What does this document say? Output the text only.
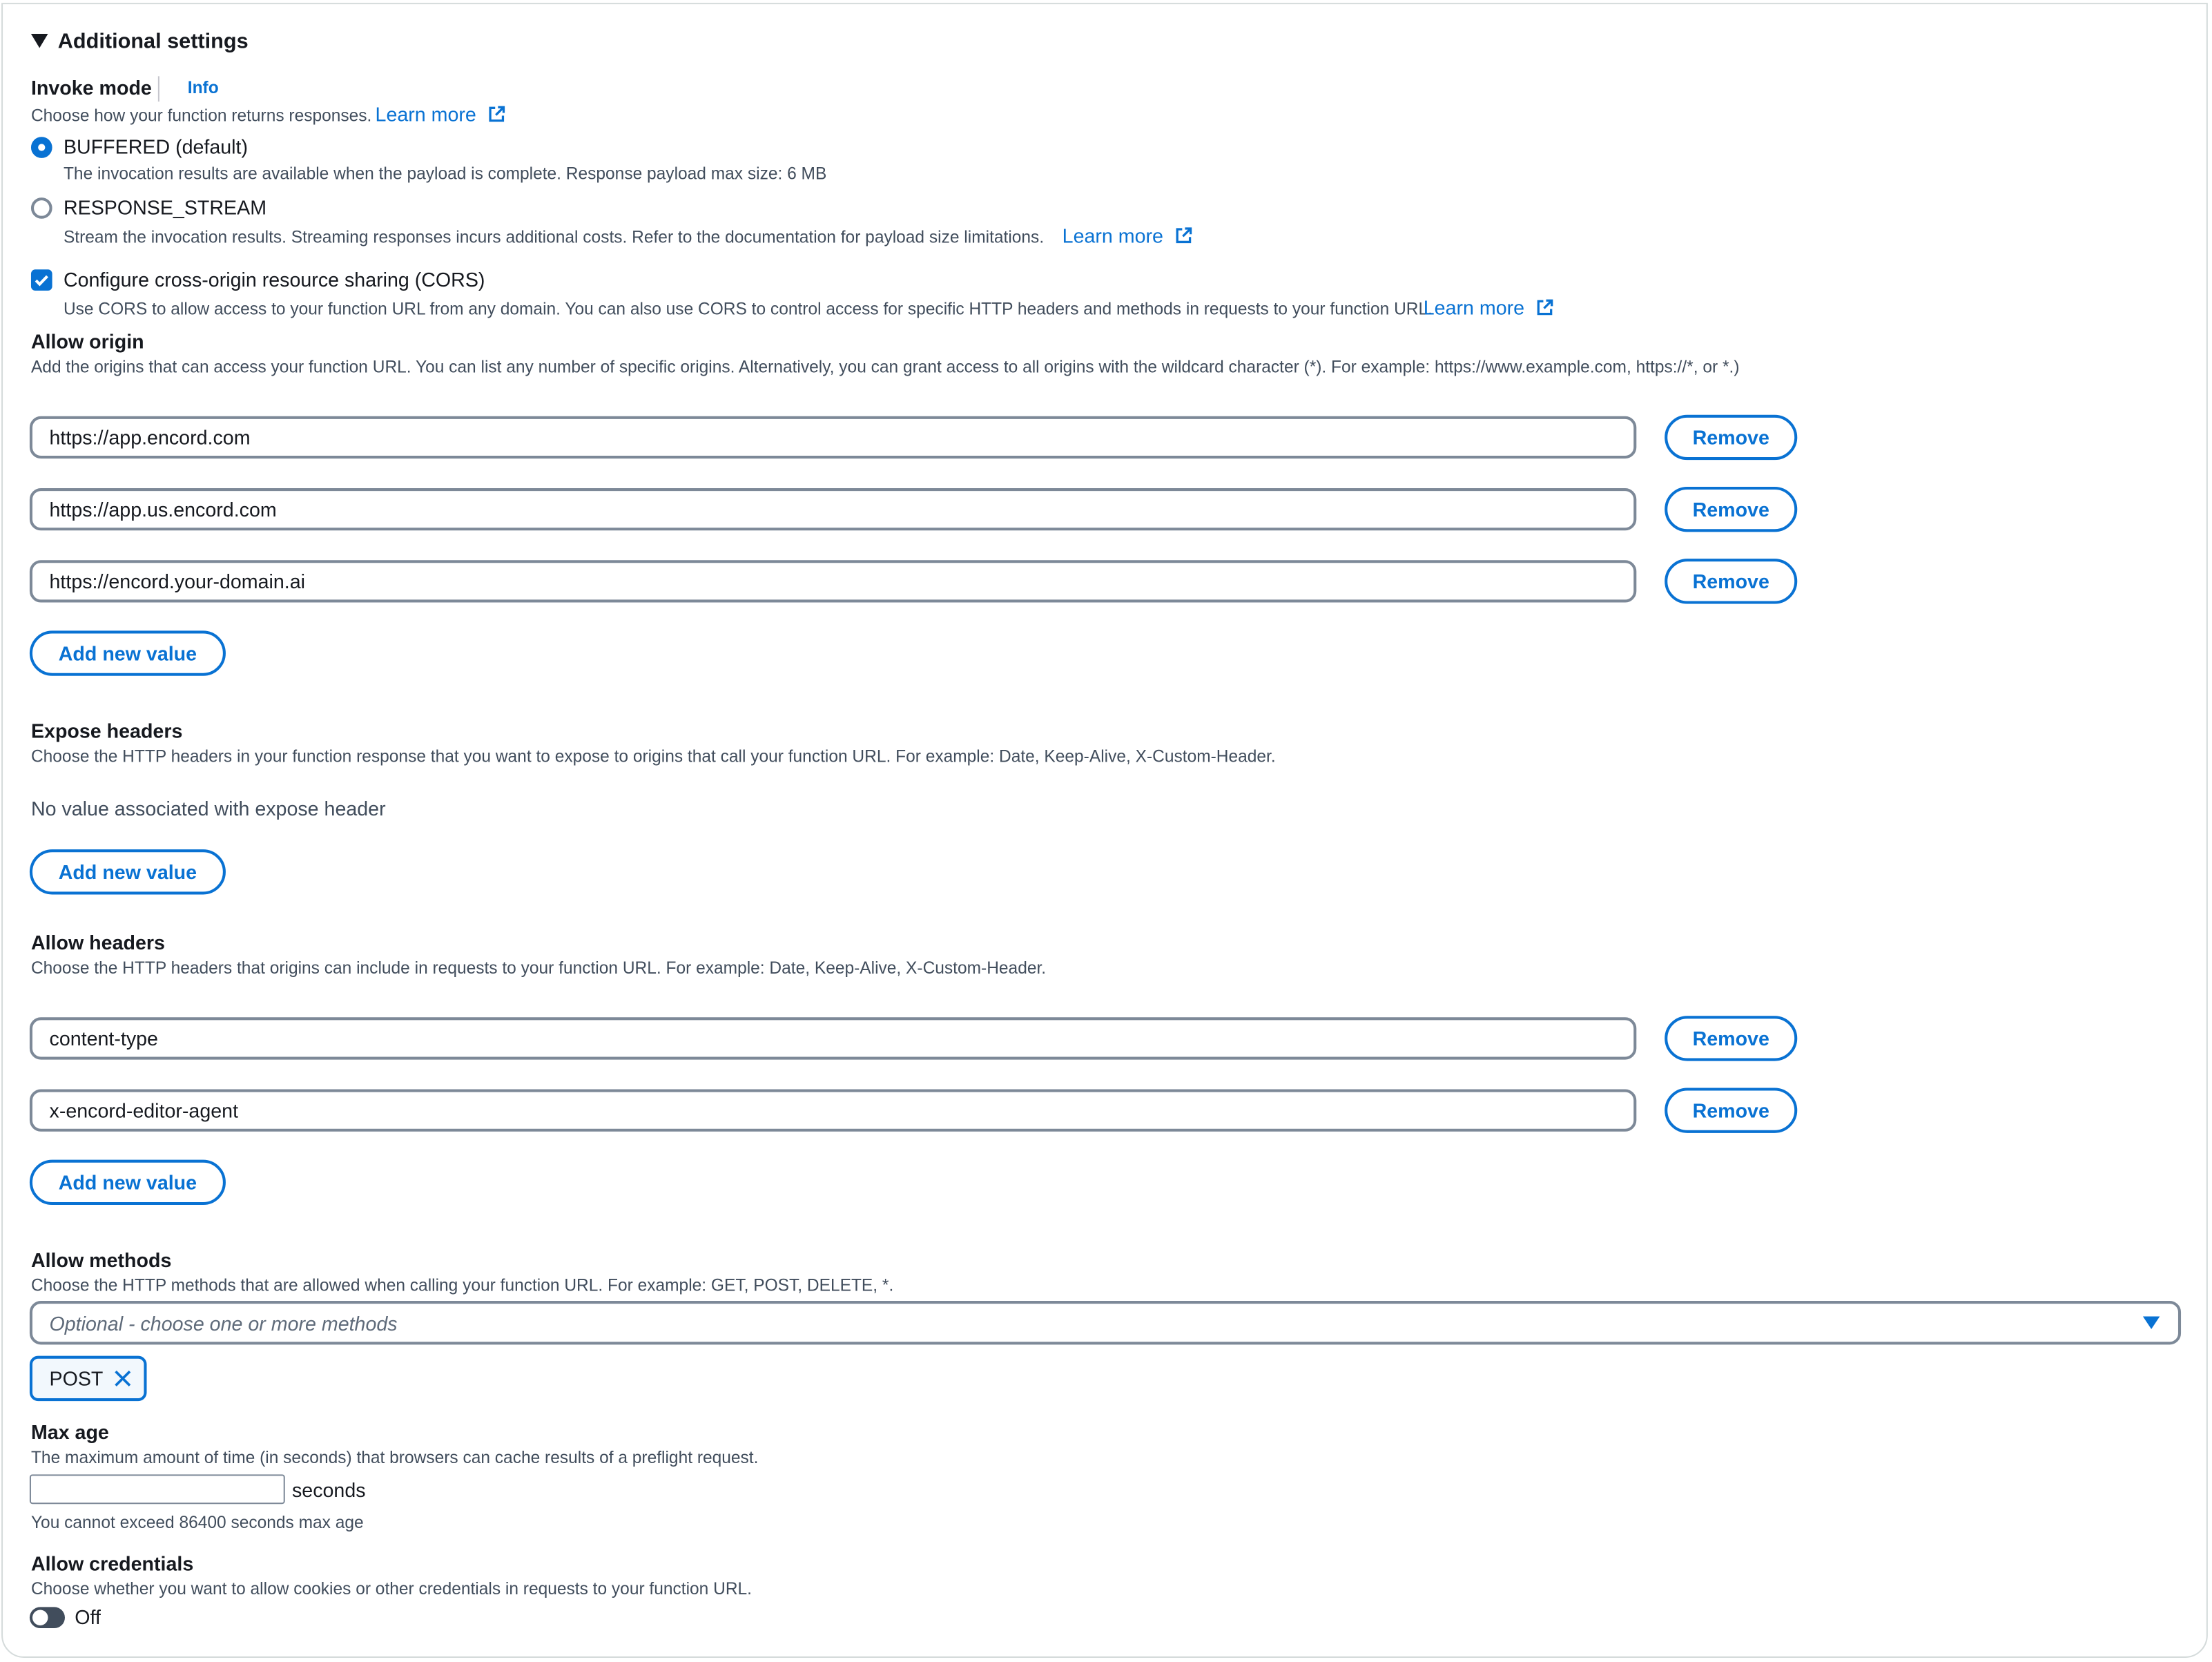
Additional settings
Invoke mode	Info
Choose how your function returns responses. Learn more
BUFFERED (default)
The invocation results are available when the payload is complete. Response payload max size: 6 MB
RESPONSE_STREAM
Stream the invocation results. Streaming responses incurs additional costs. Refer to the documentation for payload size limitations. Learn more
Configure cross-origin resource sharing (CORS)
Use CORS to allow access to your function URL from any domain. You can also use CORS to control access for specific HTTP headers and methods in requests to your function URL.
Learn more
Allow origin
Add the origins that can access your function URL. You can list any number of specific origins. Alternatively, you can grant access to all origins with the wildcard character (*). For example: https://www.example.com, https://*, or *.)
https://app.encord.com
Remove
https://app.us.encord.com
Remove
https://encord.your-domain.ai
Remove
Add new value
Expose headers
Choose the HTTP headers in your function response that you want to expose to origins that call your function URL. For example: Date, Keep-Alive, X-Custom-Header.
No value associated with expose header
Add new value
Allow headers
Choose the HTTP headers that origins can include in requests to your function URL. For example: Date, Keep-Alive, X-Custom-Header.
content-type
Remove
x-encord-editor-agent
Remove
Add new value
Allow methods
Choose the HTTP methods that are allowed when calling your function URL. For example: GET, POST, DELETE, *.
Optional - choose one or more methods
POST
Max age
The maximum amount of time (in seconds) that browsers can cache results of a preflight request.
seconds
You cannot exceed 86400 seconds max age
Allow credentials
Choose whether you want to allow cookies or other credentials in requests to your function URL.
Off
